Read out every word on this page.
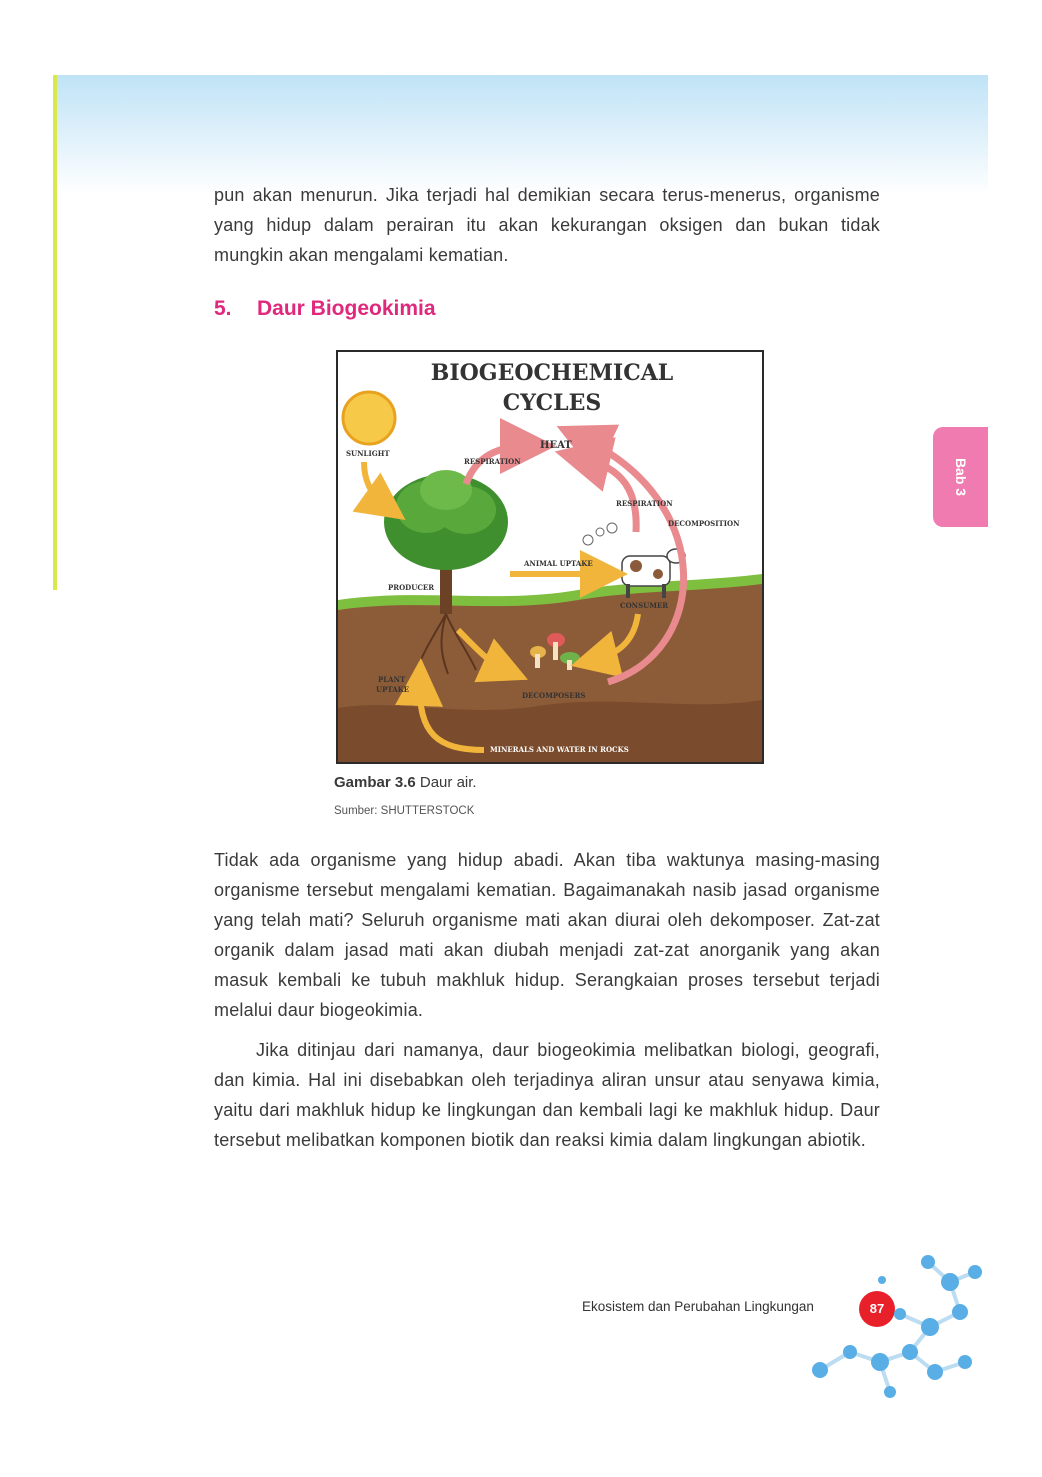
pun akan menurun. Jika terjadi hal demikian secara terus-menerus, organisme yang hidup dalam perairan itu akan kekurangan oksigen dan bukan tidak mungkin akan mengalami kematian.

5. Daur Biogeokimia
BIOGEOCHEMICAL
CYCLES
SUNLIGHT
RESPIRATION
HEAT
RESPIRATION
DECOMPOSITION
ANIMAL UPTAKE
PRODUCER
CONSUMER
PLANT
UPTAKE
DECOMPOSERS
MINERALS AND WATER IN ROCKS

Gambar 3.6 Daur air.

Sumber: SHUTTERSTOCK

Tidak ada organisme yang hidup abadi. Akan tiba waktunya masing-masing organisme tersebut mengalami kematian. Bagaimanakah nasib jasad organisme yang telah mati? Seluruh organisme mati akan diurai oleh dekomposer. Zat-zat organik dalam jasad mati akan diubah menjadi zat-zat anorganik yang akan masuk kembali ke tubuh makhluk hidup. Serangkaian proses tersebut terjadi melalui daur biogeokimia.

Jika ditinjau dari namanya, daur biogeokimia melibatkan biologi, geografi, dan kimia. Hal ini disebabkan oleh terjadinya aliran unsur atau senyawa kimia, yaitu dari makhluk hidup ke lingkungan dan kembali lagi ke makhluk hidup. Daur tersebut melibatkan komponen biotik dan reaksi kimia dalam lingkungan abiotik.

Bab 3
Ekosistem dan Perubahan Lingkungan	87
